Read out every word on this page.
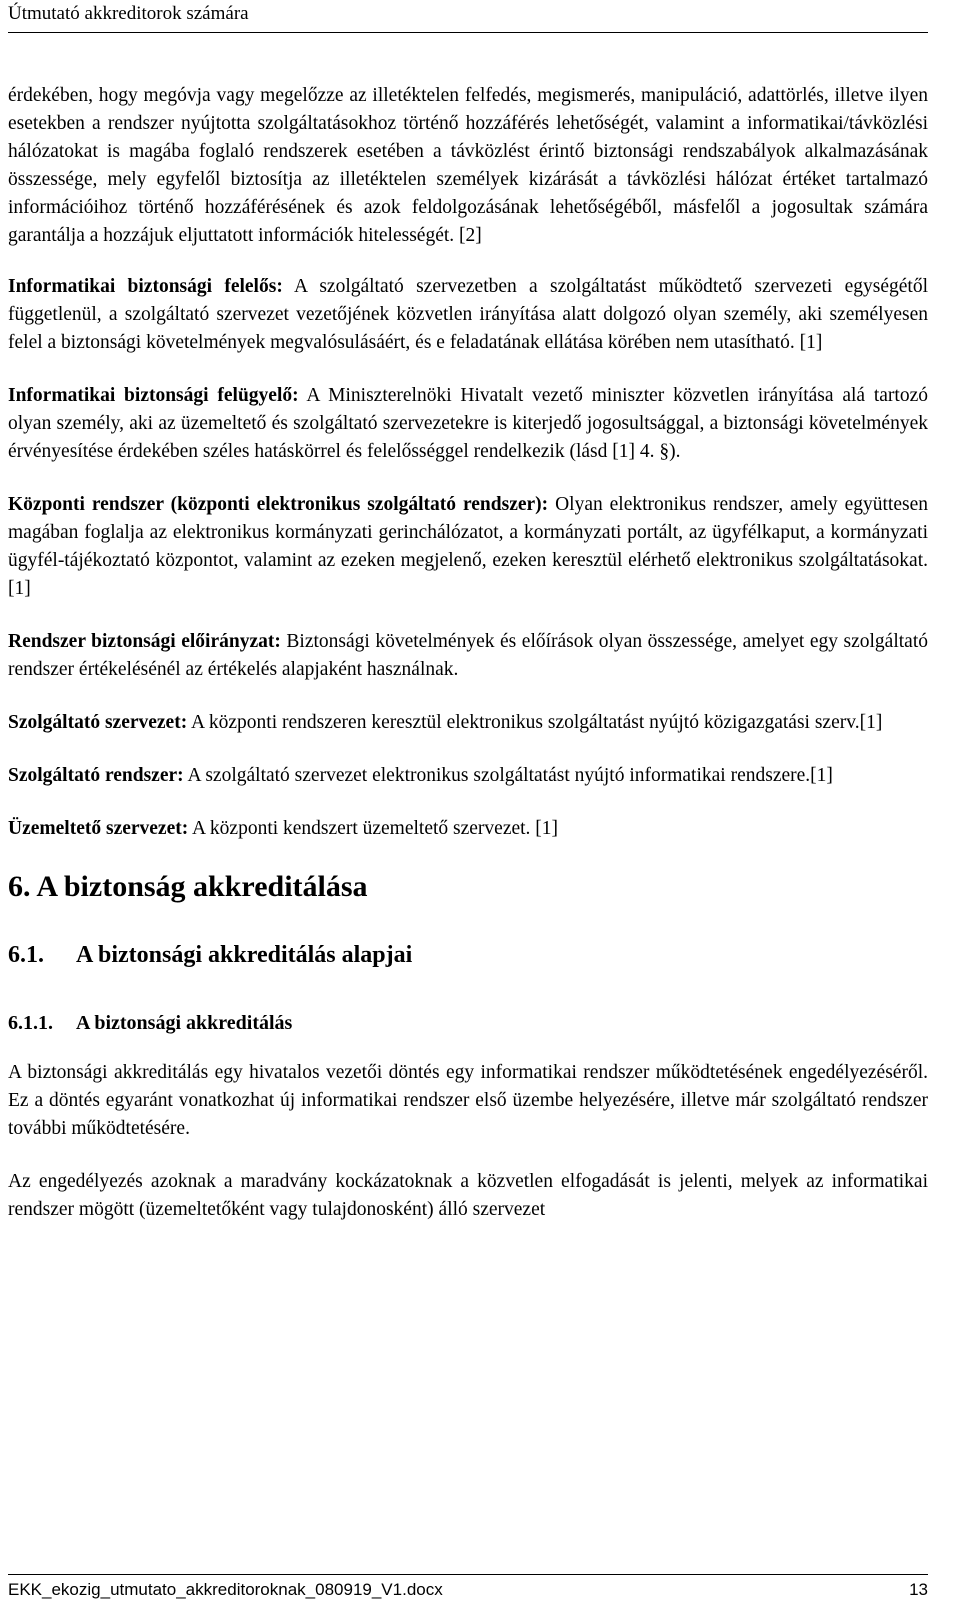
Útmutató akkreditorok számára

érdekében, hogy megóvja vagy megelőzze az illetéktelen felfedés, megismerés, manipuláció, adattörlés, illetve ilyen esetekben a rendszer nyújtotta szolgáltatásokhoz történő hozzáférés lehetőségét, valamint a informatikai/távközlési hálózatokat is magába foglaló rendszerek esetében a távközlést érintő biztonsági rendszabályok alkalmazásának összessége, mely egyfelől biztosítja az illetéktelen személyek kizárását a távközlési hálózat értéket tartalmazó információihoz történő hozzáférésének és azok feldolgozásának lehetőségéből, másfelől a jogosultak számára garantálja a hozzájuk eljuttatott információk hitelességét. [2]

Informatikai biztonsági felelős: A szolgáltató szervezetben a szolgáltatást működtető szervezeti egységétől függetlenül, a szolgáltató szervezet vezetőjének közvetlen irányítása alatt dolgozó olyan személy, aki személyesen felel a biztonsági követelmények megvalósulásáért, és e feladatának ellátása körében nem utasítható. [1]

Informatikai biztonsági felügyelő: A Miniszterelnöki Hivatalt vezető miniszter közvetlen irányítása alá tartozó olyan személy, aki az üzemeltető és szolgáltató szervezetekre is kiterjedő jogosultsággal, a biztonsági követelmények érvényesítése érdekében széles hatáskörrel és felelősséggel rendelkezik (lásd [1] 4. §).

Központi rendszer (központi elektronikus szolgáltató rendszer): Olyan elektronikus rendszer, amely együttesen magában foglalja az elektronikus kormányzati gerinchálózatot, a kormányzati portált, az ügyfélkaput, a kormányzati ügyfél-tájékoztató központot, valamint az ezeken megjelenő, ezeken keresztül elérhető elektronikus szolgáltatásokat. [1]

Rendszer biztonsági előirányzat: Biztonsági követelmények és előírások olyan összessége, amelyet egy szolgáltató rendszer értékelésénél az értékelés alapjaként használnak.

Szolgáltató szervezet: A központi rendszeren keresztül elektronikus szolgáltatást nyújtó közigazgatási szerv.[1]

Szolgáltató rendszer: A szolgáltató szervezet elektronikus szolgáltatást nyújtó informatikai rendszere.[1]

Üzemeltető szervezet: A központi kendszert üzemeltető szervezet. [1]

6. A biztonság akkreditálása
6.1. A biztonsági akkreditálás alapjai
6.1.1. A biztonsági akkreditálás

A biztonsági akkreditálás egy hivatalos vezetői döntés egy informatikai rendszer működtetésének engedélyezéséről. Ez a döntés egyaránt vonatkozhat új informatikai rendszer első üzembe helyezésére, illetve már szolgáltató rendszer további működtetésére.

Az engedélyezés azoknak a maradvány kockázatoknak a közvetlen elfogadását is jelenti, melyek az informatikai rendszer mögött (üzemeltetőként vagy tulajdonosként) álló szervezet

EKK_ekozig_utmutato_akkreditoroknak_080919_V1.docx	13
